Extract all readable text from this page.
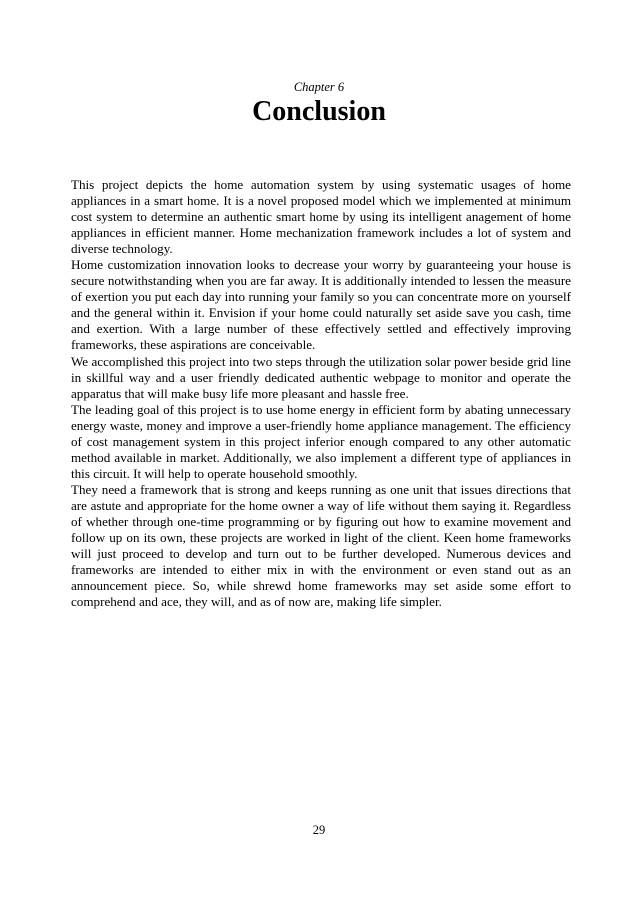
Chapter 6
Conclusion

This project depicts the home automation system by using systematic usages of home appliances in a smart home. It is a novel proposed model which we implemented at minimum cost system to determine an authentic smart home by using its intelligent anagement of home appliances in efficient manner. Home mechanization framework includes a lot of system and diverse technology.

Home customization innovation looks to decrease your worry by guaranteeing your house is secure notwithstanding when you are far away. It is additionally intended to lessen the measure of exertion you put each day into running your family so you can concentrate more on yourself and the general within it. Envision if your home could naturally set aside save you cash, time and exertion. With a large number of these effectively settled and effectively improving frameworks, these aspirations are conceivable.

We accomplished this project into two steps through the utilization solar power beside grid line in skillful way and a user friendly dedicated authentic webpage to monitor and operate the apparatus that will make busy life more pleasant and hassle free.

The leading goal of this project is to use home energy in efficient form by abating unnecessary energy waste, money and improve a user-friendly home appliance management. The efficiency of cost management system in this project inferior enough compared to any other automatic method available in market. Additionally, we also implement a different type of appliances in this circuit. It will help to operate household smoothly.

They need a framework that is strong and keeps running as one unit that issues directions that are astute and appropriate for the home owner a way of life without them saying it. Regardless of whether through one-time programming or by figuring out how to examine movement and follow up on its own, these projects are worked in light of the client. Keen home frameworks will just proceed to develop and turn out to be further developed. Numerous devices and frameworks are intended to either mix in with the environment or even stand out as an announcement piece. So, while shrewd home frameworks may set aside some effort to comprehend and ace, they will, and as of now are, making life simpler.

29
